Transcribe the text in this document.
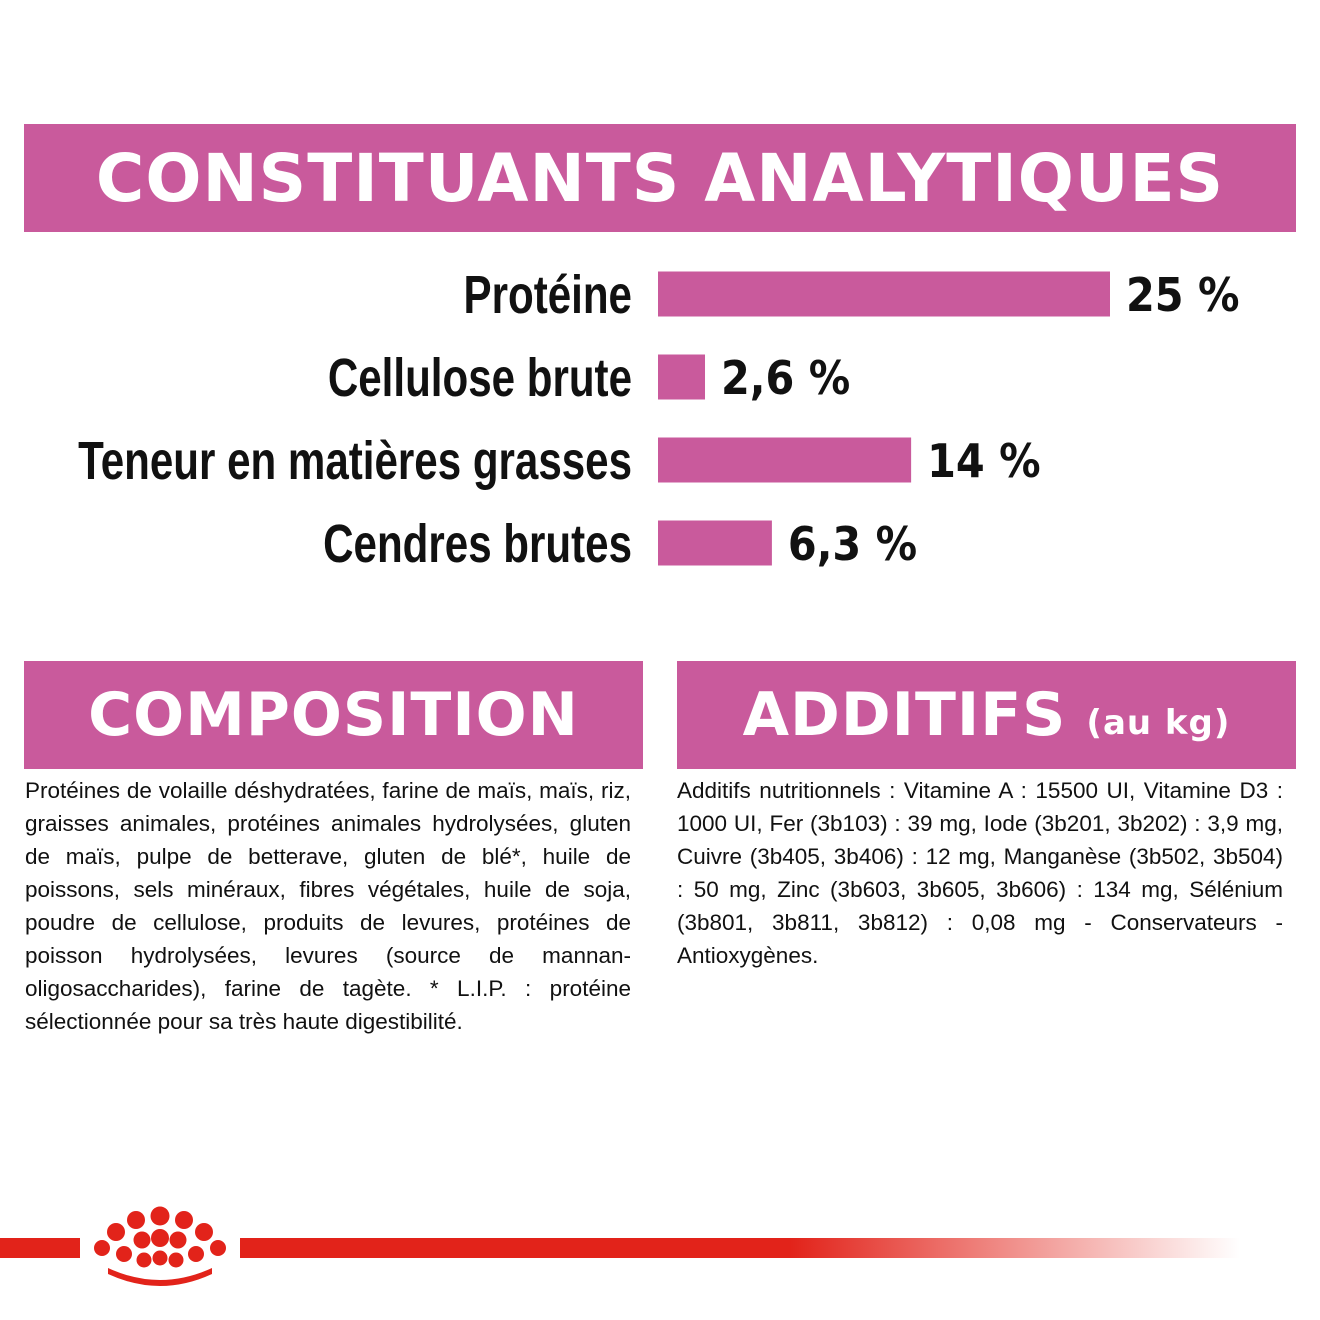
CONSTITUANTS ANALYTIQUES
Protéine	25 %
Cellulose brute 2,6 %
Teneur en matières grasses	14 %
Cendres brutes	6,3 %
COMPOSITION	ADDITIFS (au kg)
Protéines de volaille déshydratées, farine de maïs, maïs, riz, graisses animales, protéines animales hydrolysées, gluten de maïs, pulpe de betterave, gluten de blé*, huile de poissons, sels minéraux, fibres végétales, huile de soja, poudre de cellulose, produits de levures, protéines de poisson hydrolysées, levures (source de mannan-oligosaccharides), farine de tagète. * L.I.P. : protéine sélectionnée pour sa très haute digestibilité.
Additifs nutritionnels : Vitamine A : 15500 UI, Vitamine D3 : 1000 UI, Fer (3b103) : 39 mg, Iode (3b201, 3b202) : 3,9 mg, Cuivre (3b405, 3b406) : 12 mg, Manganèse (3b502, 3b504) : 50 mg, Zinc (3b603, 3b605, 3b606) : 134 mg, Sélénium (3b801, 3b811, 3b812) : 0,08 mg - Conservateurs - Antioxygènes.
